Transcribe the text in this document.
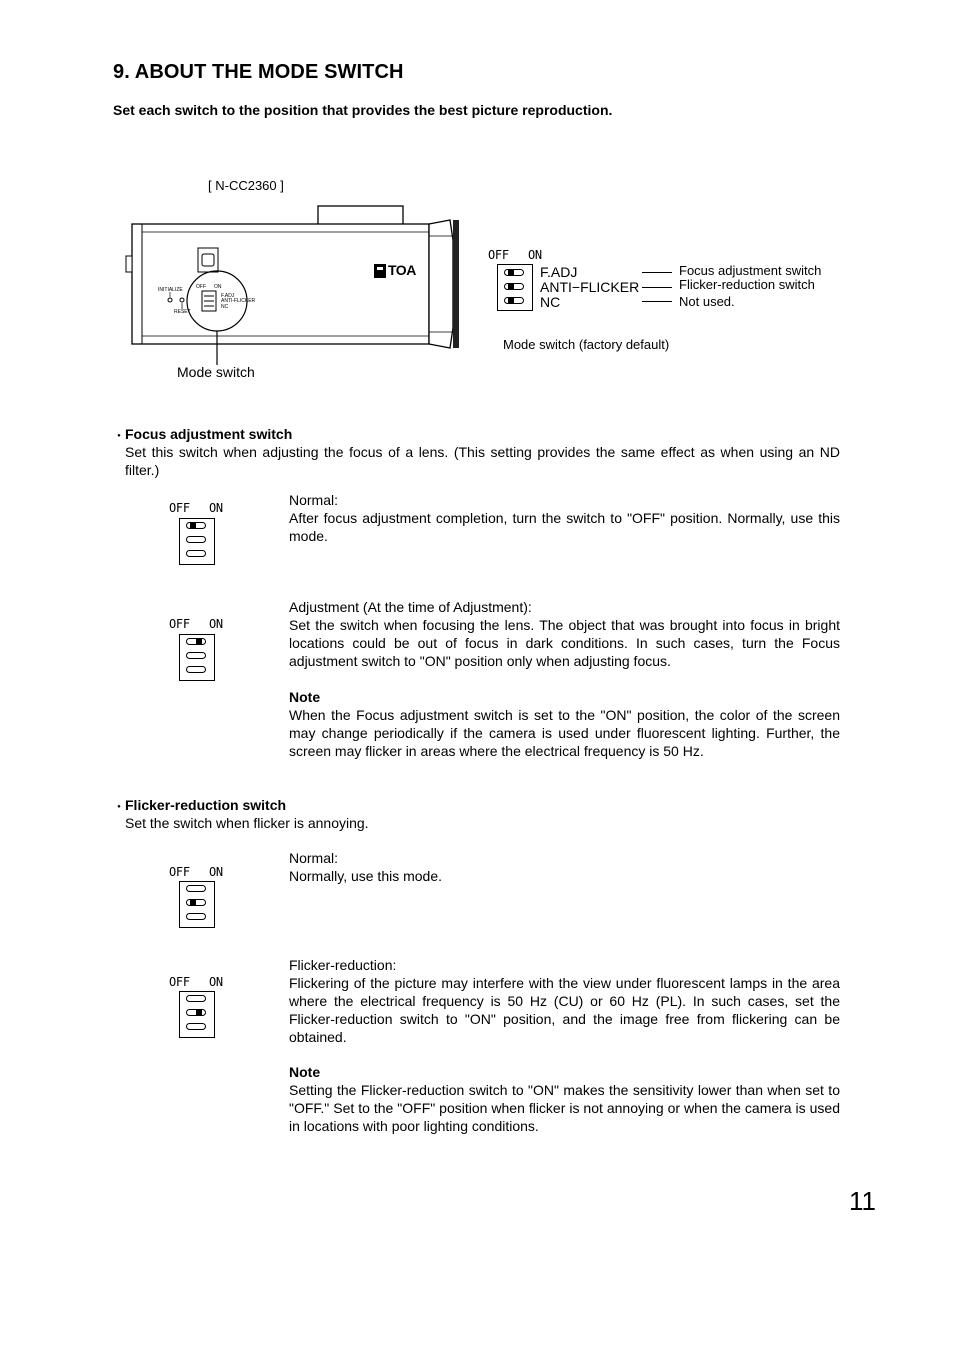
9. ABOUT THE MODE SWITCH
Set each switch to the position that provides the best picture reproduction.
[ N-CC2360 ]
INITIALIZE
RESET
OFF ON
F.ADJ
ANTI-FLICKER
NC
TOA
Mode switch
OFF ON
F.ADJ
ANTI−FLICKER
NC
Focus adjustment switch
Flicker-reduction switch
Not used.
Mode switch (factory default)
・ Focus adjustment switch
Set this switch when adjusting the focus of a lens. (This setting provides the same effect as when using an ND filter.)
OFF ON	Normal:
After focus adjustment completion, turn the switch to "OFF" position. Normally, use this mode.
OFF ON
Adjustment (At the time of Adjustment):
Set the switch when focusing the lens. The object that was brought into focus in bright locations could be out of focus in dark conditions. In such cases, turn the Focus adjustment switch to "ON" position only when adjusting focus.
Note
When the Focus adjustment switch is set to the "ON" position, the color of the screen may change periodically if the camera is used under fluorescent lighting. Further, the screen may flicker in areas where the electrical frequency is 50 Hz.
・ Flicker-reduction switch
Set the switch when flicker is annoying.
OFF ON
Normal:
Normally, use this mode.
OFF ON
Flicker-reduction:
Flickering of the picture may interfere with the view under fluorescent lamps in the area where the electrical frequency is 50 Hz (CU) or 60 Hz (PL). In such cases, set the Flicker-reduction switch to "ON" position, and the image free from flickering can be obtained.
Note
Setting the Flicker-reduction switch to "ON" makes the sensitivity lower than when set to "OFF." Set to the "OFF" position when flicker is not annoying or when the camera is used in locations with poor lighting conditions.
11
